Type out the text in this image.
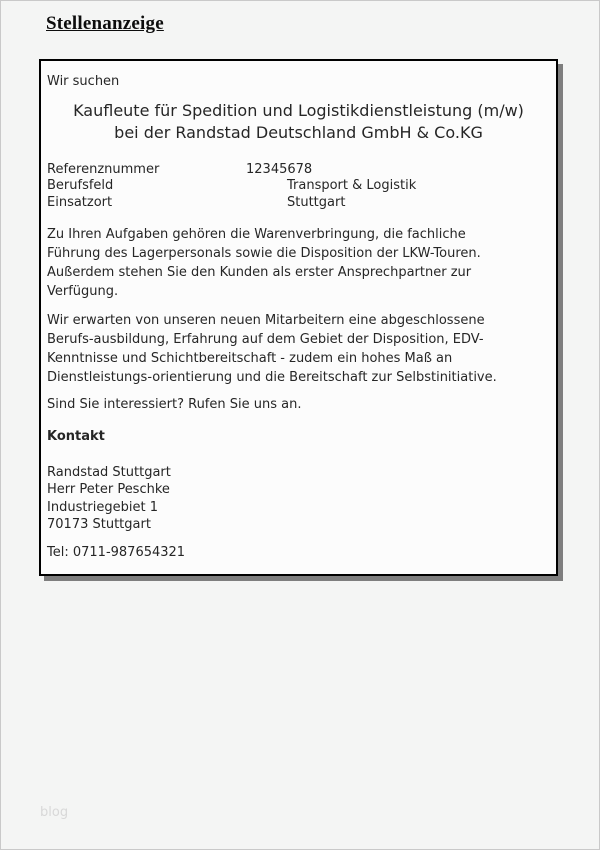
Stellenanzeige
Wir suchen
Kaufleute für Spedition und Logistikdienstleistung (m/w)
bei der Randstad Deutschland GmbH & Co.KG
Referenznummer	12345678
Berufsfeld	Transport & Logistik
Einsatzort	Stuttgart
Zu Ihren Aufgaben gehören die Warenverbringung, die fachliche
Führung des Lagerpersonals sowie die Disposition der LKW-Touren.
Außerdem stehen Sie den Kunden als erster Ansprechpartner zur
Verfügung.
Wir erwarten von unseren neuen Mitarbeitern eine abgeschlossene
Berufs-ausbildung, Erfahrung auf dem Gebiet der Disposition, EDV-
Kenntnisse und Schichtbereitschaft - zudem ein hohes Maß an
Dienstleistungs-orientierung und die Bereitschaft zur Selbstinitiative.
Sind Sie interessiert? Rufen Sie uns an.
Kontakt
Randstad Stuttgart
Herr Peter Peschke
Industriegebiet 1
70173 Stuttgart
Tel: 0711-987654321
blog
